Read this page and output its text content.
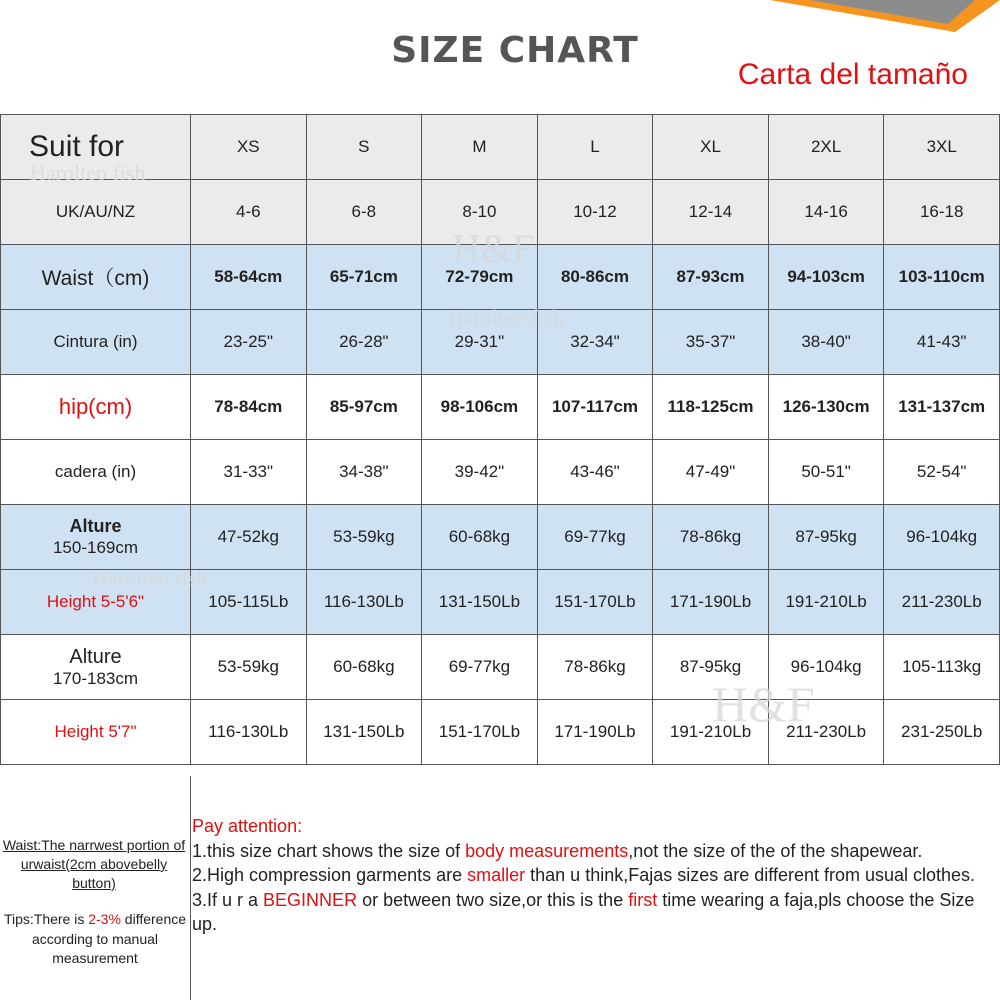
SIZE CHART
Carta del tamaño
Suit for	XS	S	M	L	XL	2XL	3XL
UK/AU/NZ	4-6	6-8	8-10	10-12	12-14	14-16	16-18
Waist（cm)	58-64cm	65-71cm	72-79cm	80-86cm	87-93cm	94-103cm	103-110cm
Cintura (in)	23-25"	26-28"	29-31"	32-34"	35-37"	38-40"	41-43"
hip(cm)	78-84cm	85-97cm	98-106cm	107-117cm	118-125cm	126-130cm	131-137cm
cadera (in)	31-33"	34-38"	39-42"	43-46"	47-49"	50-51"	52-54"

Alture
150-169cm	47-52kg	53-59kg	60-68kg	69-77kg	78-86kg	87-95kg	96-104kg
Height 5-5'6"	105-115Lb	116-130Lb	131-150Lb	151-170Lb	171-190Lb	191-210Lb	211-230Lb

Alture
170-183cm	53-59kg	60-68kg	69-77kg	78-86kg	87-95kg	96-104kg	105-113kg
Height 5'7"	116-130Lb	131-150Lb	151-170Lb	171-190Lb	191-210Lb	211-230Lb	231-250Lb
Harolteo fish
Harolteo fish
Harolteo fish
H&F
H&F
Waist:The narrwest portion of urwaist(2cm abovebelly button)
Tips:There is 2-3% difference according to manual measurement
Pay attention:
1.this size chart shows the size of body measurements,not the size of the of the shapewear.
2.High compression garments are smaller than u think,Fajas sizes are different from usual clothes.
3.If u r a BEGINNER or between two size,or this is the first time wearing a faja,pls choose the Size up.
